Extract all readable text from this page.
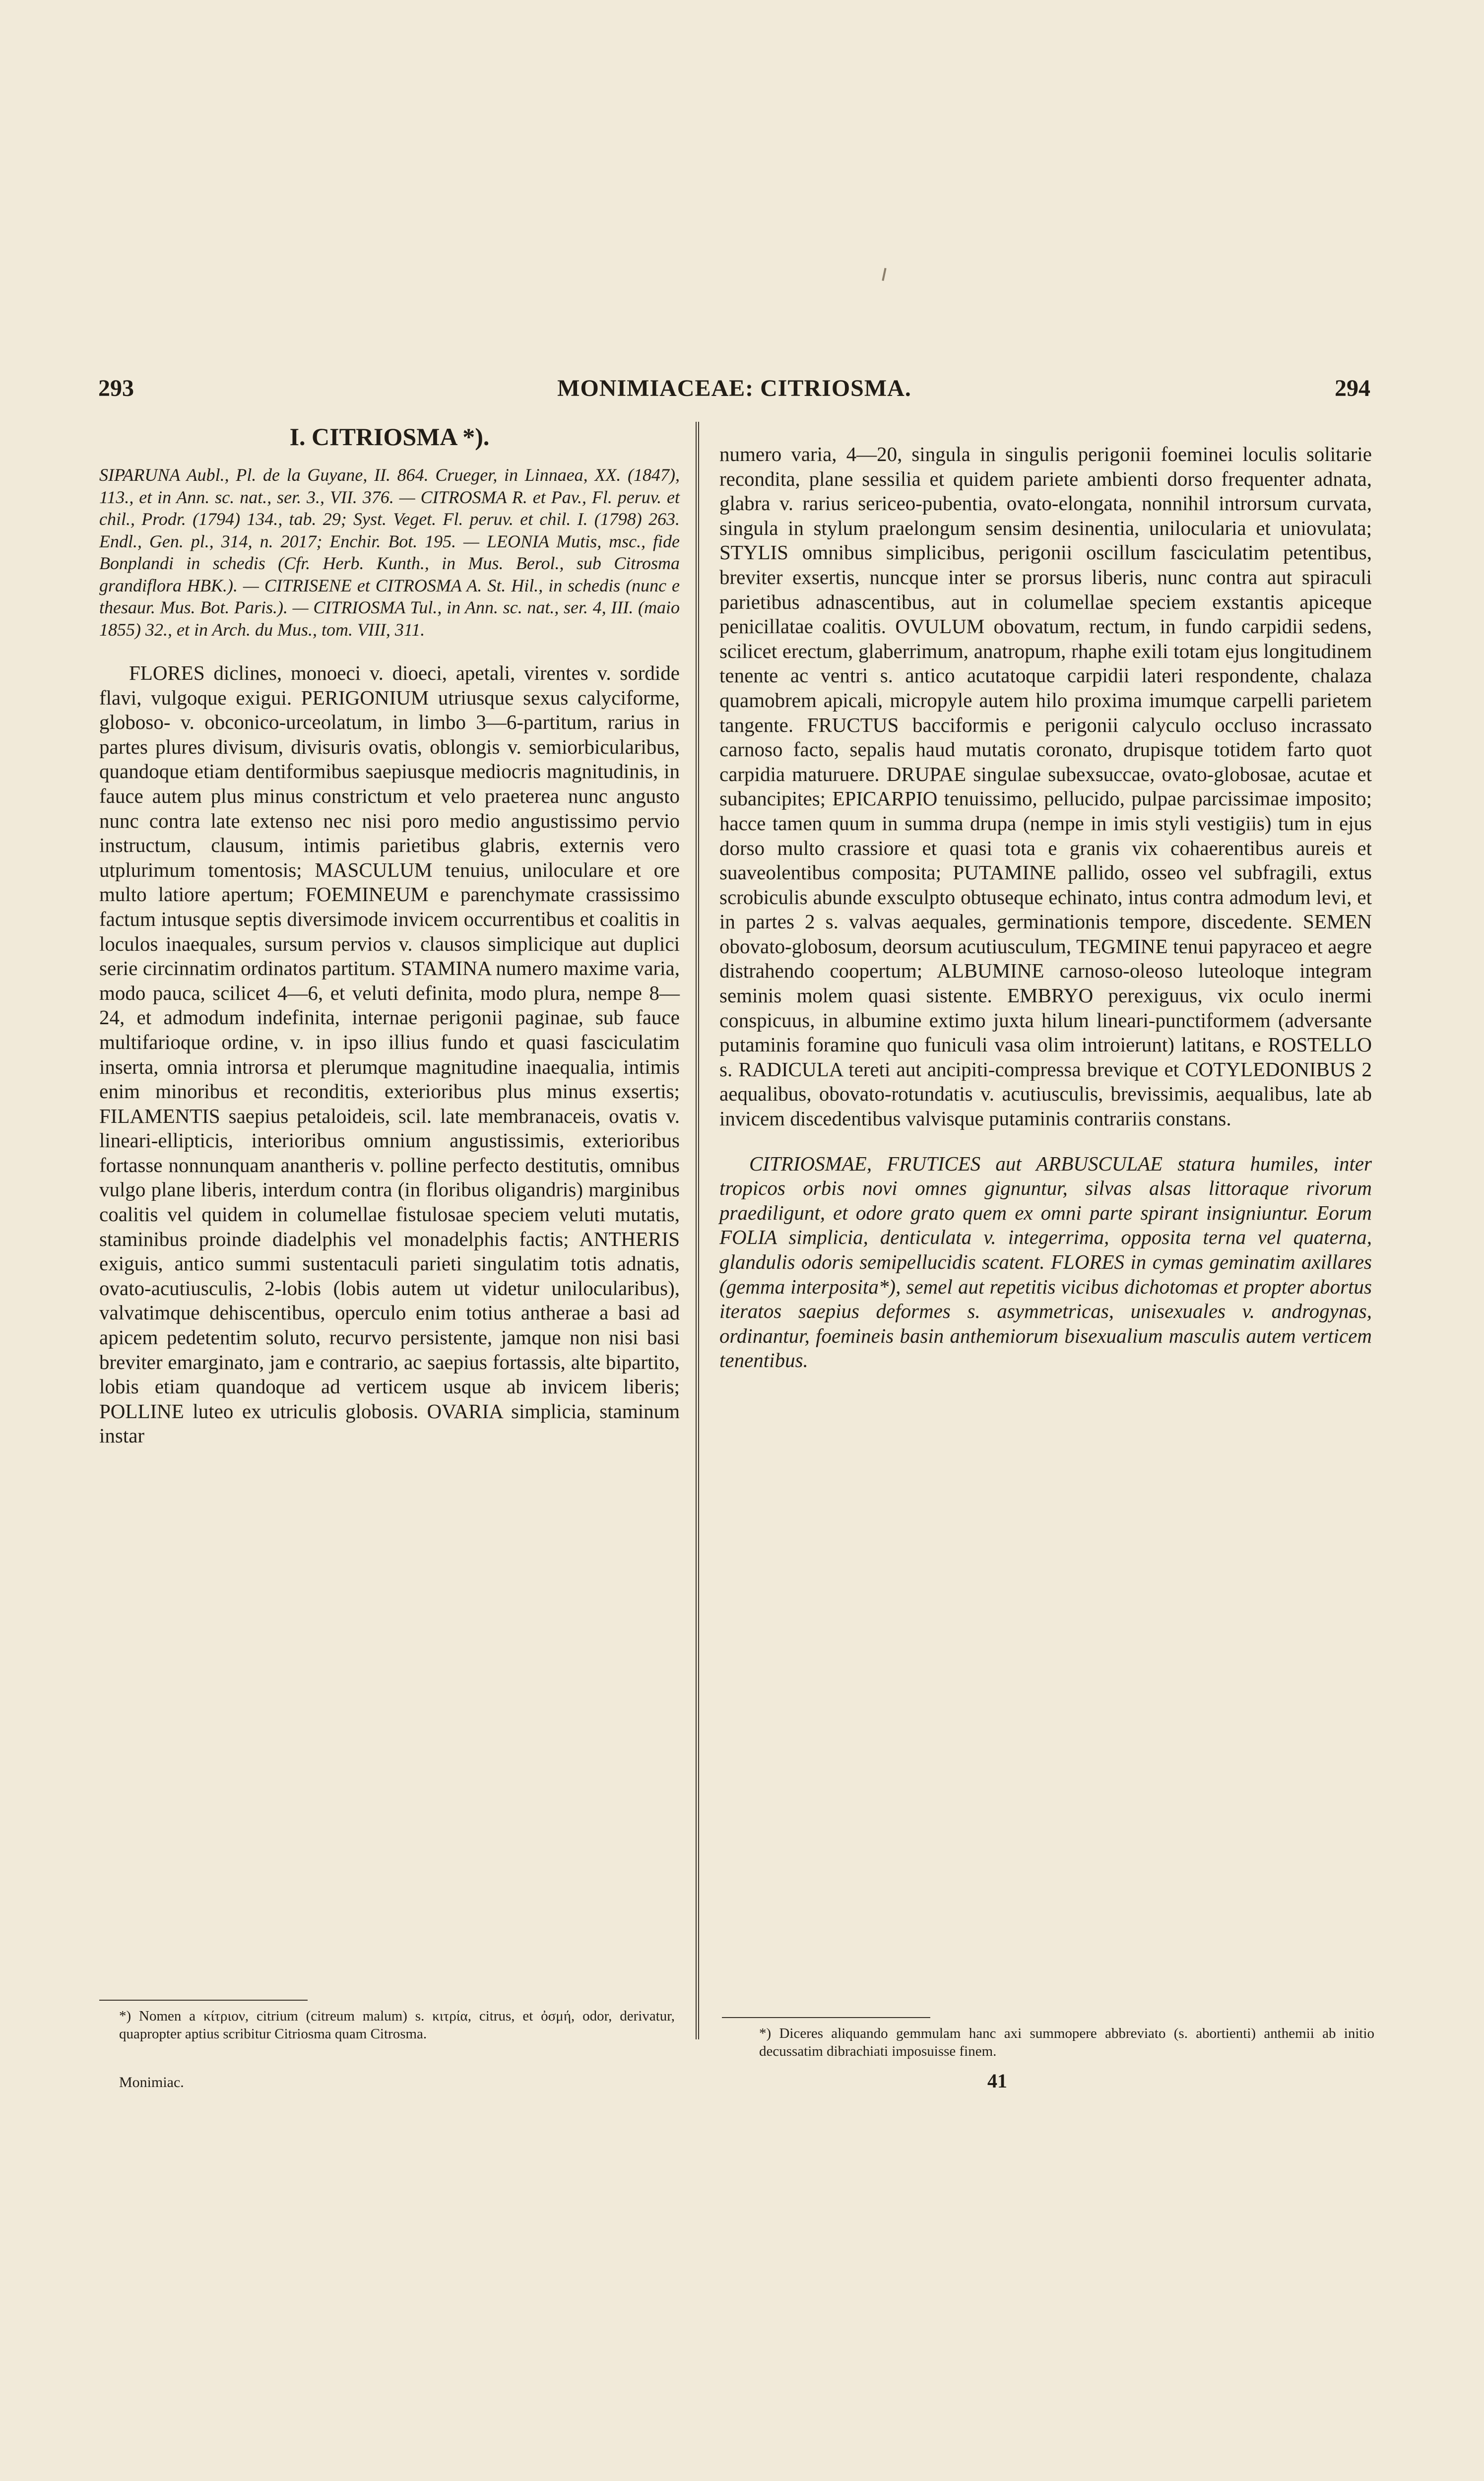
293	MONIMIACEAE: CITRIOSMA.	294
I. CITRIOSMA *).

SIPARUNA Aubl., Pl. de la Guyane, II. 864. Crueger, in Linnaea, XX. (1847), 113., et in Ann. sc. nat., ser. 3., VII. 376. — CITROSMA R. et Pav., Fl. peruv. et chil., Prodr. (1794) 134., tab. 29; Syst. Veget. Fl. peruv. et chil. I. (1798) 263. Endl., Gen. pl., 314, n. 2017; Enchir. Bot. 195. — LEONIA Mutis, msc., fide Bonplandi in schedis (Cfr. Herb. Kunth., in Mus. Berol., sub Citrosma grandiflora HBK.). — CITRISENE et CITROSMA A. St. Hil., in schedis (nunc e thesaur. Mus. Bot. Paris.). — CITRIOSMA Tul., in Ann. sc. nat., ser. 4, III. (maio 1855) 32., et in Arch. du Mus., tom. VIII, 311.

FLORES diclines, monoeci v. dioeci, apetali, virentes v. sordide flavi, vulgoque exigui. PERIGONIUM utriusque sexus calyciforme, globoso- v. obconico-urceolatum, in limbo 3—6-partitum, rarius in partes plures divisum, divisuris ovatis, oblongis v. semiorbicularibus, quandoque etiam dentiformibus saepiusque mediocris magnitudinis, in fauce autem plus minus constrictum et velo praeterea nunc angusto nunc contra late extenso nec nisi poro medio angustissimo pervio instructum, clausum, intimis parietibus glabris, externis vero utplurimum tomentosis; MASCULUM tenuius, uniloculare et ore multo latiore apertum; FOEMINEUM e parenchymate crassissimo factum intusque septis diversimode invicem occurrentibus et coalitis in loculos inaequales, sursum pervios v. clausos simplicique aut duplici serie circinnatim ordinatos partitum. STAMINA numero maxime varia, modo pauca, scilicet 4—6, et veluti definita, modo plura, nempe 8—24, et admodum indefinita, internae perigonii paginae, sub fauce multifarioque ordine, v. in ipso illius fundo et quasi fasciculatim inserta, omnia introrsa et plerumque magnitudine inaequalia, intimis enim minoribus et reconditis, exterioribus plus minus exsertis; FILAMENTIS saepius petaloideis, scil. late membranaceis, ovatis v. lineari-ellipticis, interioribus omnium angustissimis, exterioribus fortasse nonnunquam anantheris v. polline perfecto destitutis, omnibus vulgo plane liberis, interdum contra (in floribus oligandris) marginibus coalitis vel quidem in columellae fistulosae speciem veluti mutatis, staminibus proinde diadelphis vel monadelphis factis; ANTHERIS exiguis, antico summi sustentaculi parieti singulatim totis adnatis, ovato-acutiusculis, 2-lobis (lobis autem ut videtur unilocularibus), valvatimque dehiscentibus, operculo enim totius antherae a basi ad apicem pedetentim soluto, recurvo persistente, jamque non nisi basi breviter emarginato, jam e contrario, ac saepius fortassis, alte bipartito, lobis etiam quandoque ad verticem usque ab invicem liberis; POLLINE luteo ex utriculis globosis. OVARIA simplicia, staminum instar

numero varia, 4—20, singula in singulis perigonii foeminei loculis solitarie recondita, plane sessilia et quidem pariete ambienti dorso frequenter adnata, glabra v. rarius sericeo-pubentia, ovato-elongata, nonnihil introrsum curvata, singula in stylum praelongum sensim desinentia, unilocularia et uniovulata; STYLIS omnibus simplicibus, perigonii oscillum fasciculatim petentibus, breviter exsertis, nuncque inter se prorsus liberis, nunc contra aut spiraculi parietibus adnascentibus, aut in columellae speciem exstantis apiceque penicillatae coalitis. OVULUM obovatum, rectum, in fundo carpidii sedens, scilicet erectum, glaberrimum, anatropum, rhaphe exili totam ejus longitudinem tenente ac ventri s. antico acutatoque carpidii lateri respondente, chalaza quamobrem apicali, micropyle autem hilo proxima imumque carpelli parietem tangente. FRUCTUS bacciformis e perigonii calyculo occluso incrassato carnoso facto, sepalis haud mutatis coronato, drupisque totidem farto quot carpidia maturuere. DRUPAE singulae subexsuccae, ovato-globosae, acutae et subancipites; EPICARPIO tenuissimo, pellucido, pulpae parcissimae imposito; hacce tamen quum in summa drupa (nempe in imis styli vestigiis) tum in ejus dorso multo crassiore et quasi tota e granis vix cohaerentibus aureis et suaveolentibus composita; PUTAMINE pallido, osseo vel subfragili, extus scrobiculis abunde exsculpto obtuseque echinato, intus contra admodum levi, et in partes 2 s. valvas aequales, germinationis tempore, discedente. SEMEN obovato-globosum, deorsum acutiusculum, TEGMINE tenui papyraceo et aegre distrahendo coopertum; ALBUMINE carnoso-oleoso luteoloque integram seminis molem quasi sistente. EMBRYO perexiguus, vix oculo inermi conspicuus, in albumine extimo juxta hilum lineari-punctiformem (adversante putaminis foramine quo funiculi vasa olim introierunt) latitans, e ROSTELLO s. RADICULA tereti aut ancipiti-compressa brevique et COTYLEDONIBUS 2 aequalibus, obovato-rotundatis v. acutiusculis, brevissimis, aequalibus, late ab invicem discedentibus valvisque putaminis contrariis constans.

CITRIOSMAE, FRUTICES aut ARBUSCULAE statura humiles, inter tropicos orbis novi omnes gignuntur, silvas alsas littoraque rivorum praediligunt, et odore grato quem ex omni parte spirant insigniuntur. Eorum FOLIA simplicia, denticulata v. integerrima, opposita terna vel quaterna, glandulis odoris semipellucidis scatent. FLORES in cymas geminatim axillares (gemma interposita*), semel aut repetitis vicibus dichotomas et propter abortus iteratos saepius deformes s. asymmetricas, unisexuales v. androgynas, ordinantur, foemineis basin anthemiorum bisexualium masculis autem verticem tenentibus.

*) Nomen a κίτριον, citrium (citreum malum) s. κιτρία, citrus, et ὀσμή, odor, derivatur, quapropter aptius scribitur Citriosma quam Citrosma.	*) Diceres aliquando gemmulam hanc axi summopere abbreviato (s. abortienti) anthemii ab initio decussatim dibrachiati imposuisse finem.
Monimiac.	41
